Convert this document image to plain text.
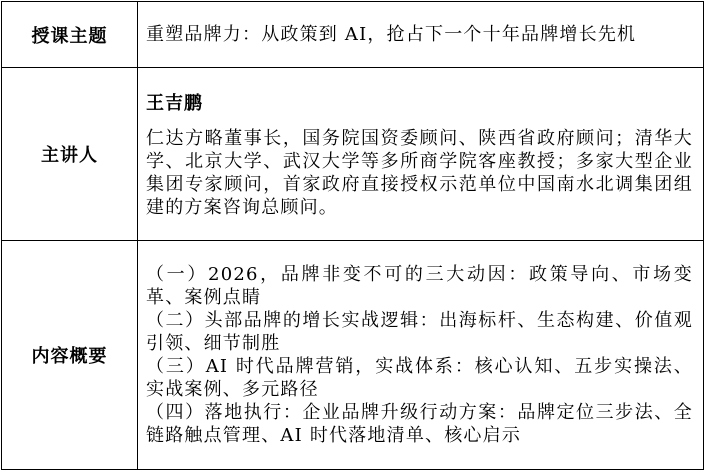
授课主题	重塑品牌力：从政策到 AI，抢占下一个十年品牌增长先机
主讲人	王吉鹏
仁达方略董事长，国务院国资委顾问、陕西省政府顾问；清华大学、北京大学、武汉大学等多所商学院客座教授；多家大型企业集团专家顾问，首家政府直接授权示范单位中国南水北调集团组建的方案咨询总顾问。

内容概要	（一）2026，品牌非变不可的三大动因：政策导向、市场变革、案例点睛
（二）头部品牌的增长实战逻辑：出海标杆、生态构建、价值观引领、细节制胜
（三）AI 时代品牌营销，实战体系：核心认知、五步实操法、实战案例、多元路径
（四）落地执行：企业品牌升级行动方案：品牌定位三步法、全链路触点管理、AI 时代落地清单、核心启示
